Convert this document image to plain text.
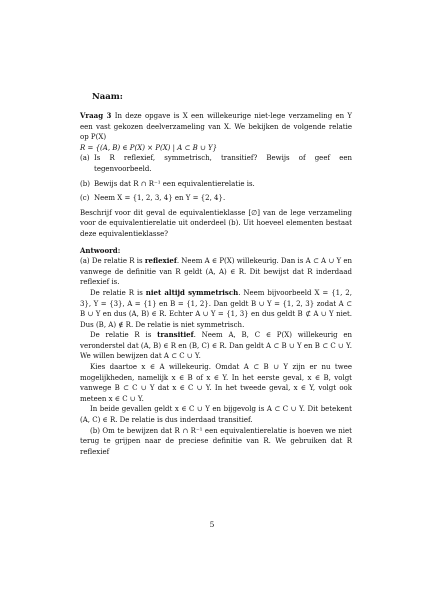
Naam:

Vraag 3 In deze opgave is X een willekeurige niet-lege verzameling en Y een vast gekozen deelverzameling van X. We bekijken de volgende relatie op P(X)

R = {(A, B) ∈ P(X) × P(X) | A ⊂ B ∪ Y}

(a) Is R reflexief, symmetrisch, transitief? Bewijs of geef een tegenvoorbeeld.
(b) Bewijs dat R ∩ R⁻¹ een equivalentierelatie is.
(c) Neem X = {1, 2, 3, 4} en Y = {2, 4}.

Beschrijf voor dit geval de equivalentieklasse [∅] van de lege verzameling voor de equivalentierelatie uit onderdeel (b). Uit hoeveel elementen bestaat deze equivalentieklasse?

Antwoord:

(a) De relatie R is reflexief. Neem A ∈ P(X) willekeurig. Dan is A ⊂ A ∪ Y en vanwege de definitie van R geldt (A, A) ∈ R. Dit bewijst dat R inderdaad reflexief is.

De relatie R is niet altijd symmetrisch. Neem bijvoorbeeld X = {1, 2, 3}, Y = {3}, A = {1} en B = {1, 2}. Dan geldt B ∪ Y = {1, 2, 3} zodat A ⊂ B ∪ Y en dus (A, B) ∈ R. Echter A ∪ Y = {1, 3} en dus geldt B ⊄ A ∪ Y niet. Dus (B, A) ∉ R. De relatie is niet symmetrisch.

De relatie R is transitief. Neem A, B, C ∈ P(X) willekeurig en veronderstel dat (A, B) ∈ R en (B, C) ∈ R. Dan geldt A ⊂ B ∪ Y en B ⊂ C ∪ Y. We willen bewijzen dat A ⊂ C ∪ Y.

Kies daartoe x ∈ A willekeurig. Omdat A ⊂ B ∪ Y zijn er nu twee mogelijkheden, namelijk x ∈ B of x ∈ Y. In het eerste geval, x ∈ B, volgt vanwege B ⊂ C ∪ Y dat x ∈ C ∪ Y. In het tweede geval, x ∈ Y, volgt ook meteen x ∈ C ∪ Y.

In beide gevallen geldt x ∈ C ∪ Y en bijgevolg is A ⊂ C ∪ Y. Dit betekent (A, C) ∈ R. De relatie is dus inderdaad transitief.

(b) Om te bewijzen dat R ∩ R⁻¹ een equivalentierelatie is hoeven we niet terug te grijpen naar de preciese definitie van R. We gebruiken dat R reflexief

5
